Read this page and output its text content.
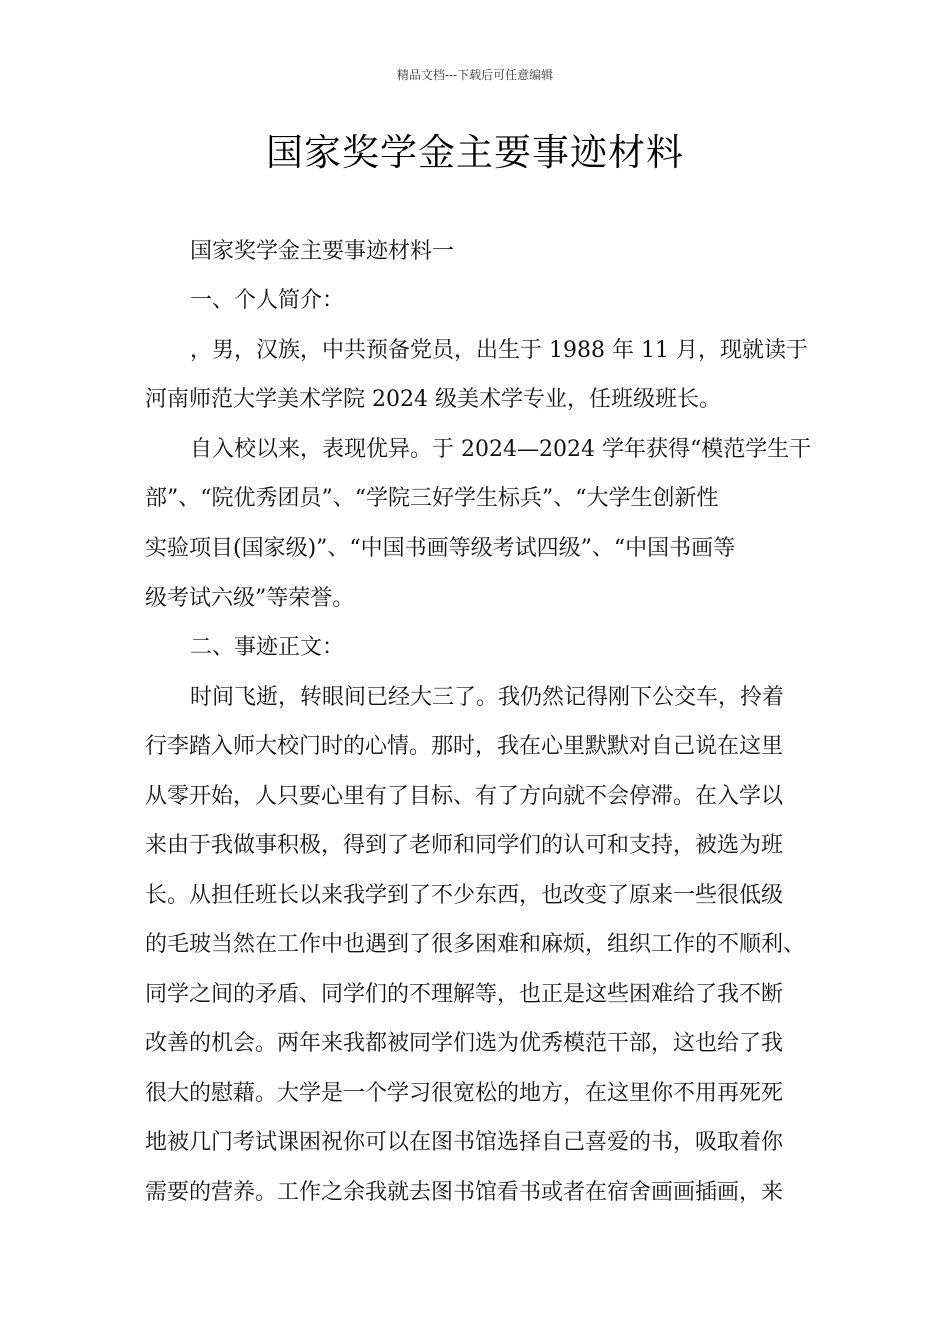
精品文档---下载后可任意编辑
国家奖学金主要事迹材料
国家奖学金主要事迹材料一
一、个人简介：
，男，汉族，中共预备党员，出生于 1988 年 11 月，现就读于
河南师范大学美术学院 2024 级美术学专业，任班级班长。
自入校以来，表现优异。于 2024—2024 学年获得“模范学生干
部”、“院优秀团员”、“学院三好学生标兵”、“大学生创新性
实验项目(国家级)”、“中国书画等级考试四级”、“中国书画等
级考试六级”等荣誉。
二、事迹正文：
时间飞逝，转眼间已经大三了。我仍然记得刚下公交车，拎着
行李踏入师大校门时的心情。那时，我在心里默默对自己说在这里
从零开始，人只要心里有了目标、有了方向就不会停滞。在入学以
来由于我做事积极，得到了老师和同学们的认可和支持，被选为班
长。从担任班长以来我学到了不少东西，也改变了原来一些很低级
的毛玻当然在工作中也遇到了很多困难和麻烦，组织工作的不顺利、
同学之间的矛盾、同学们的不理解等，也正是这些困难给了我不断
改善的机会。两年来我都被同学们选为优秀模范干部，这也给了我
很大的慰藉。大学是一个学习很宽松的地方，在这里你不用再死死
地被几门考试课困祝你可以在图书馆选择自己喜爱的书，吸取着你
需要的营养。工作之余我就去图书馆看书或者在宿舍画画插画，来
